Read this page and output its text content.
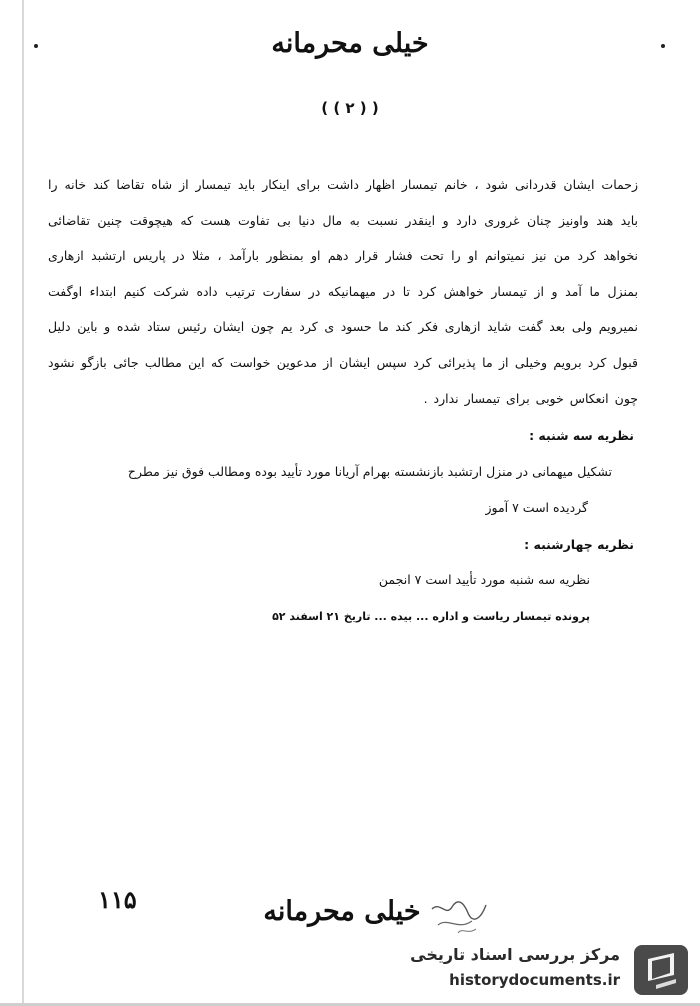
خیلی محرمانه
( ( ۲ ) )
زحمات ایشان قدردانی شود ، خانم تیمسار اظهار داشت برای اینکار باید تیمسار از شاه تقاضا کند خانه را باید هند واونیز چنان غروری دارد و اینقدر نسبت به مال دنیا بی تفاوت هست که هیچوقت چنین تقاضائی نخواهد کرد من نیز نمیتوانم او را تحت فشار قرار دهم او بمنظور بارآمد ، مثلا در پاریس ارتشبد ازهاری بمنزل ما آمد و از تیمسار خواهش کرد تا در میهمانیکه در سفارت ترتیب داده شرکت کنیم ابتداء اوگفت نمیرویم ولی بعد گفت شاید ازهاری فکر کند ما حسود ی کرد یم چون ایشان رئیس ستاد شده و باین دلیل قبول کرد برویم وخیلی از ما پذیرائی کرد سپس ایشان از مدعوین خواست که این مطالب جائی بازگو نشود چون انعکاس خوبی برای تیمسار ندارد .
نظریه سه شنبه :
تشکیل میهمانی در منزل ارتشبد بازنشسته بهرام آریانا مورد تأیید بوده ومطالب فوق نیز مطرح
گردیده است ۷ آموز
نظریه چهارشنبه :
نظریه سه شنبه مورد تأیید است ۷ انجمن
پرونده تیمسار ریاست و اداره ... بیده ... تاریخ ۲۱ اسفند ۵۲
۱۱۵	خیلی محرمانه
مرکز بررسی اسناد تاریخی
historydocuments.ir
